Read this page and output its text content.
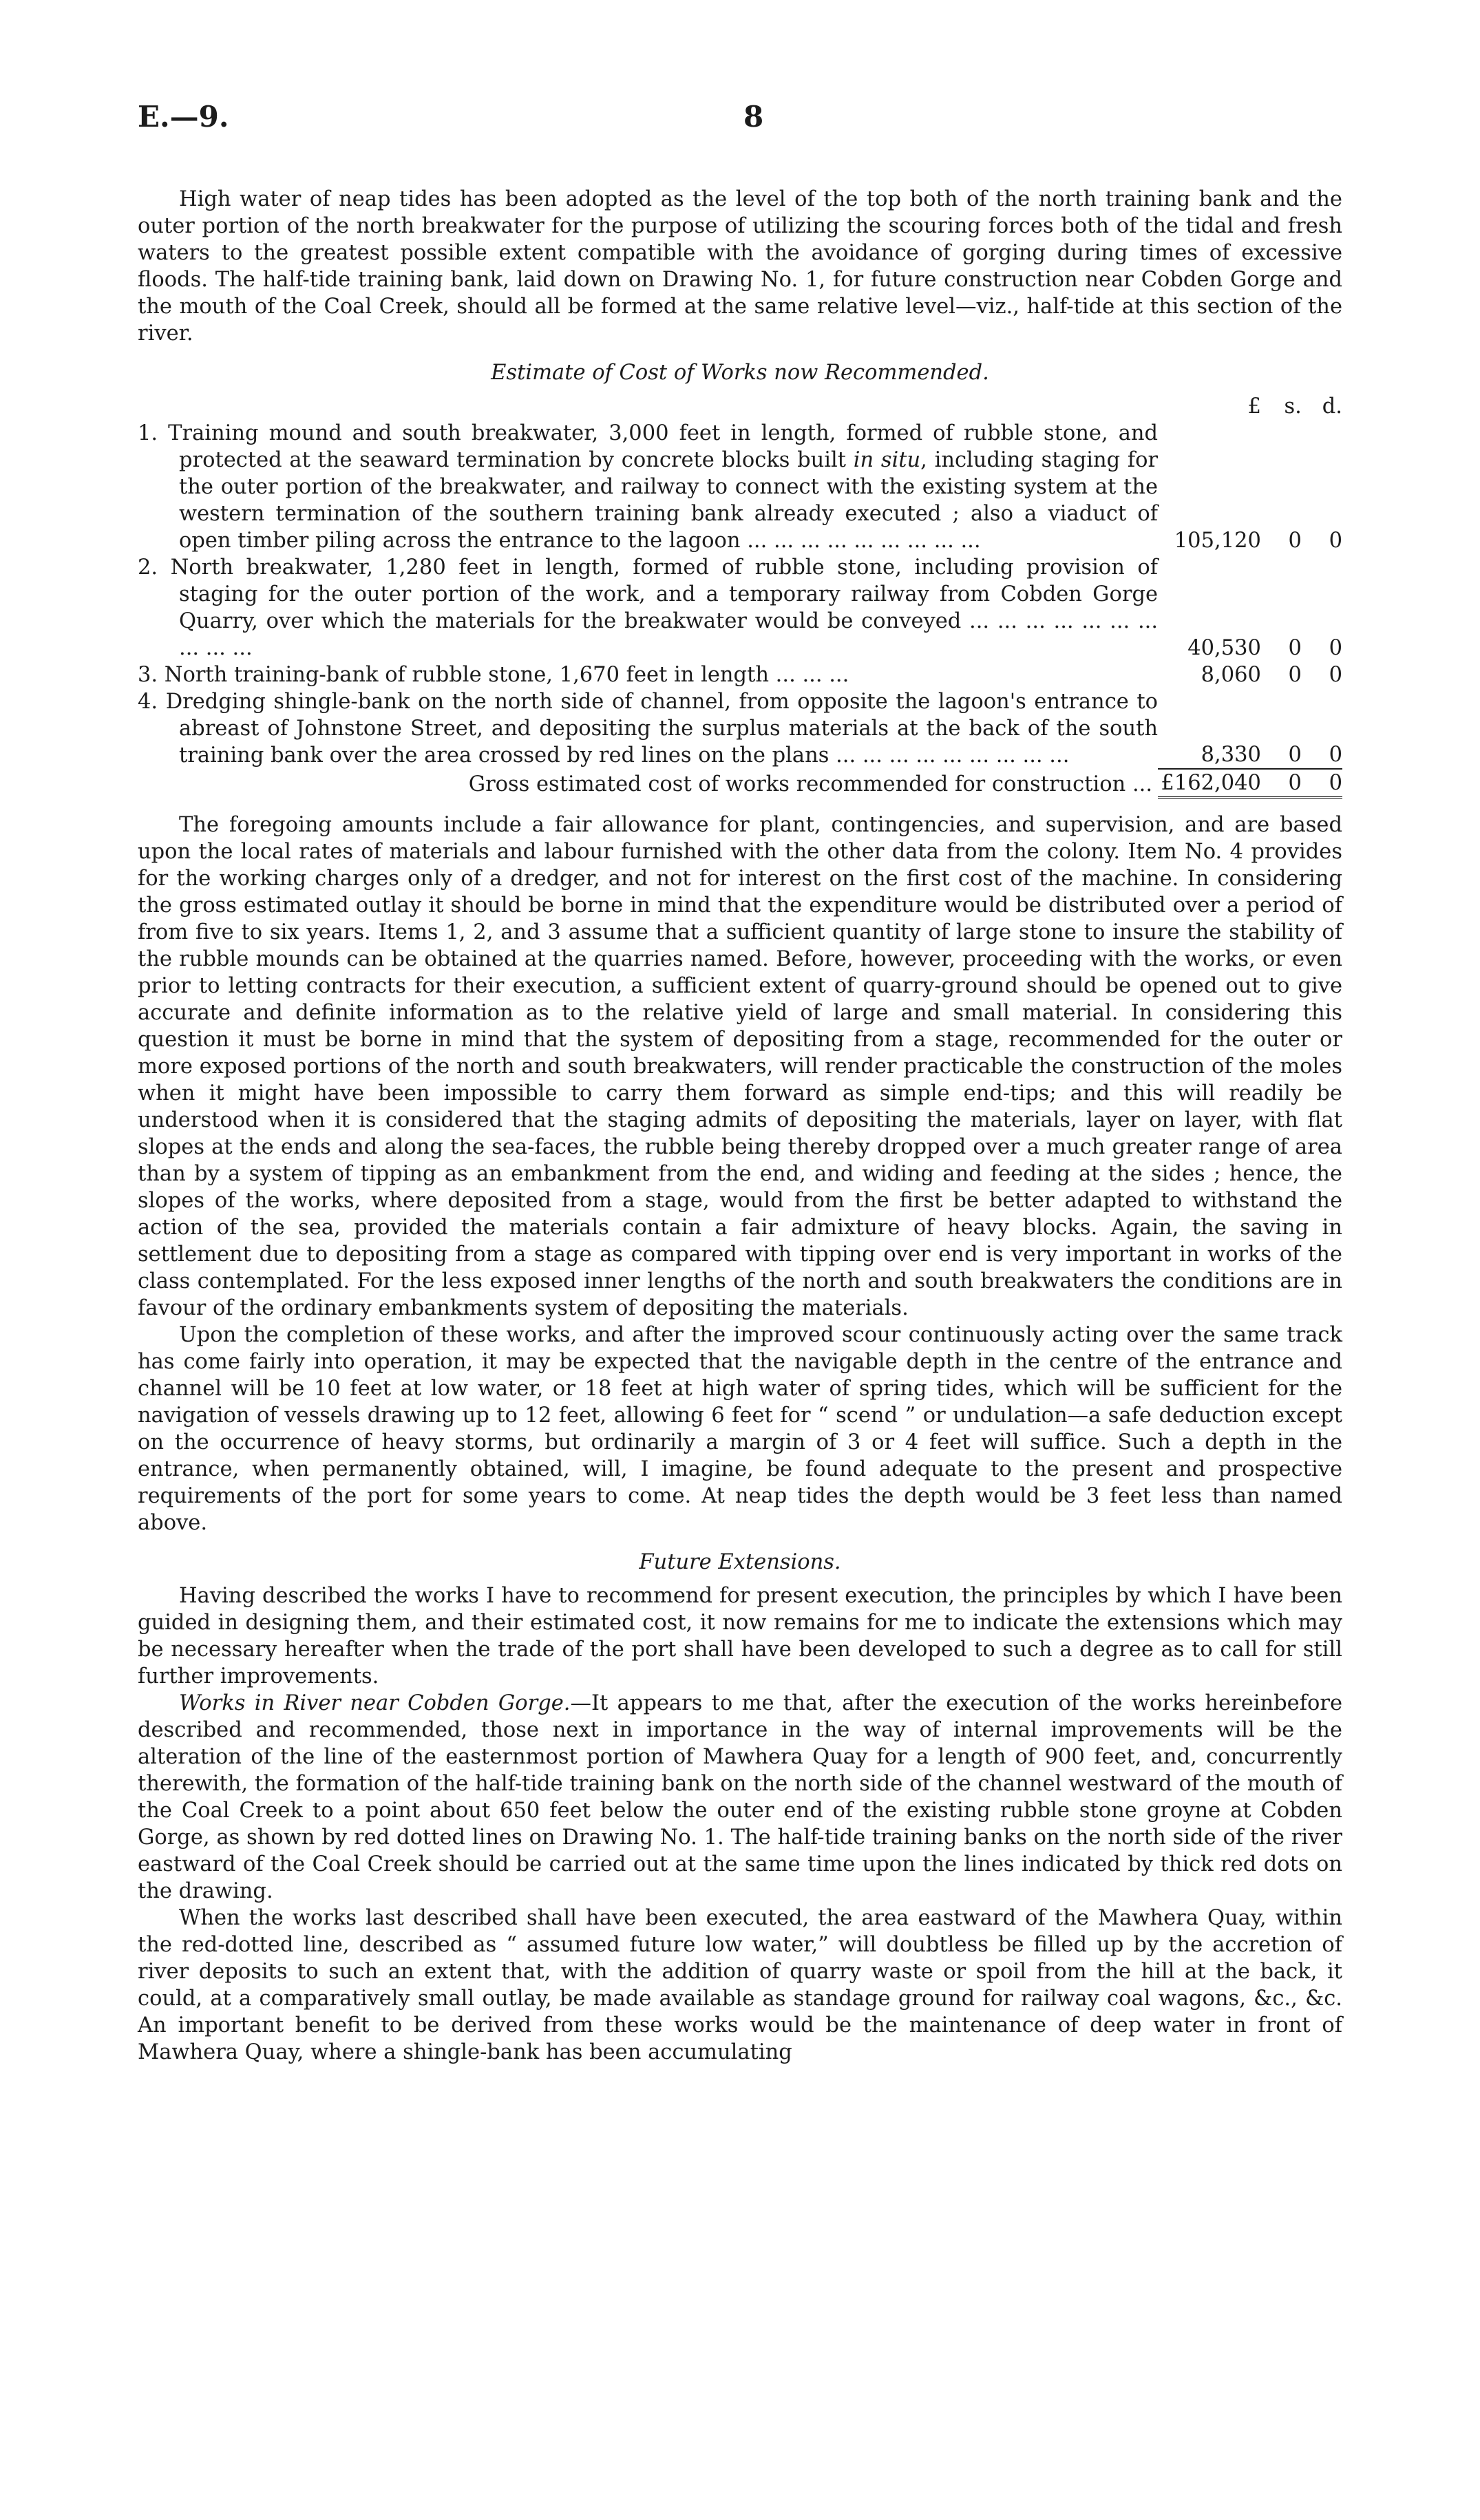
E.—9.	8

High water of neap tides has been adopted as the level of the top both of the north training bank and the outer portion of the north breakwater for the purpose of utilizing the scouring forces both of the tidal and fresh waters to the greatest possible extent compatible with the avoidance of gorging during times of excessive floods. The half-tide training bank, laid down on Drawing No. 1, for future construction near Cobden Gorge and the mouth of the Coal Creek, should all be formed at the same relative level—viz., half-tide at this section of the river.

Estimate of Cost of Works now Recommended.
	£	s.	d.
1. Training mound and south breakwater, 3,000 feet in length, formed of rubble stone, and protected at the seaward termination by concrete blocks built in situ, including staging for the outer portion of the breakwater, and railway to connect with the existing system at the western termination of the southern training bank already executed ; also a viaduct of open timber piling across the entrance to the lagoon ... ... ... ... ... ... ... ... ...	105,120	0	0
2. North breakwater, 1,280 feet in length, formed of rubble stone, including provision of staging for the outer portion of the work, and a temporary railway from Cobden Gorge Quarry, over which the materials for the breakwater would be conveyed ... ... ... ... ... ... ... ... ... ...	40,530	0	0
3. North training-bank of rubble stone, 1,670 feet in length ... ... ...	8,060	0	0
4. Dredging shingle-bank on the north side of channel, from opposite the lagoon's entrance to abreast of Johnstone Street, and depositing the surplus materials at the back of the south training bank over the area crossed by red lines on the plans ... ... ... ... ... ... ... ... ...	8,330	0	0
Gross estimated cost of works recommended for construction ...	£162,040	0	0

The foregoing amounts include a fair allowance for plant, contingencies, and supervision, and are based upon the local rates of materials and labour furnished with the other data from the colony. Item No. 4 provides for the working charges only of a dredger, and not for interest on the first cost of the machine. In considering the gross estimated outlay it should be borne in mind that the expenditure would be distributed over a period of from five to six years. Items 1, 2, and 3 assume that a sufficient quantity of large stone to insure the stability of the rubble mounds can be obtained at the quarries named. Before, however, proceeding with the works, or even prior to letting contracts for their execution, a sufficient extent of quarry-ground should be opened out to give accurate and definite information as to the relative yield of large and small material. In considering this question it must be borne in mind that the system of depositing from a stage, recommended for the outer or more exposed portions of the north and south breakwaters, will render practicable the construction of the moles when it might have been impossible to carry them forward as simple end-tips; and this will readily be understood when it is considered that the staging admits of depositing the materials, layer on layer, with flat slopes at the ends and along the sea-faces, the rubble being thereby dropped over a much greater range of area than by a system of tipping as an embankment from the end, and widing and feeding at the sides ; hence, the slopes of the works, where deposited from a stage, would from the first be better adapted to withstand the action of the sea, provided the materials contain a fair admixture of heavy blocks. Again, the saving in settlement due to depositing from a stage as compared with tipping over end is very important in works of the class contemplated. For the less exposed inner lengths of the north and south breakwaters the conditions are in favour of the ordinary embankments system of depositing the materials.

Upon the completion of these works, and after the improved scour continuously acting over the same track has come fairly into operation, it may be expected that the navigable depth in the centre of the entrance and channel will be 10 feet at low water, or 18 feet at high water of spring tides, which will be sufficient for the navigation of vessels drawing up to 12 feet, allowing 6 feet for “ scend ” or undulation—a safe deduction except on the occurrence of heavy storms, but ordinarily a margin of 3 or 4 feet will suffice. Such a depth in the entrance, when permanently obtained, will, I imagine, be found adequate to the present and prospective requirements of the port for some years to come. At neap tides the depth would be 3 feet less than named above.

Future Extensions.

Having described the works I have to recommend for present execution, the principles by which I have been guided in designing them, and their estimated cost, it now remains for me to indicate the extensions which may be necessary hereafter when the trade of the port shall have been developed to such a degree as to call for still further improvements.

Works in River near Cobden Gorge.—It appears to me that, after the execution of the works hereinbefore described and recommended, those next in importance in the way of internal improvements will be the alteration of the line of the easternmost portion of Mawhera Quay for a length of 900 feet, and, concurrently therewith, the formation of the half-tide training bank on the north side of the channel westward of the mouth of the Coal Creek to a point about 650 feet below the outer end of the existing rubble stone groyne at Cobden Gorge, as shown by red dotted lines on Drawing No. 1. The half-tide training banks on the north side of the river eastward of the Coal Creek should be carried out at the same time upon the lines indicated by thick red dots on the drawing.

When the works last described shall have been executed, the area eastward of the Mawhera Quay, within the red-dotted line, described as “ assumed future low water,” will doubtless be filled up by the accretion of river deposits to such an extent that, with the addition of quarry waste or spoil from the hill at the back, it could, at a comparatively small outlay, be made available as standage ground for railway coal wagons, &c., &c. An important benefit to be derived from these works would be the maintenance of deep water in front of Mawhera Quay, where a shingle-bank has been accumulating
